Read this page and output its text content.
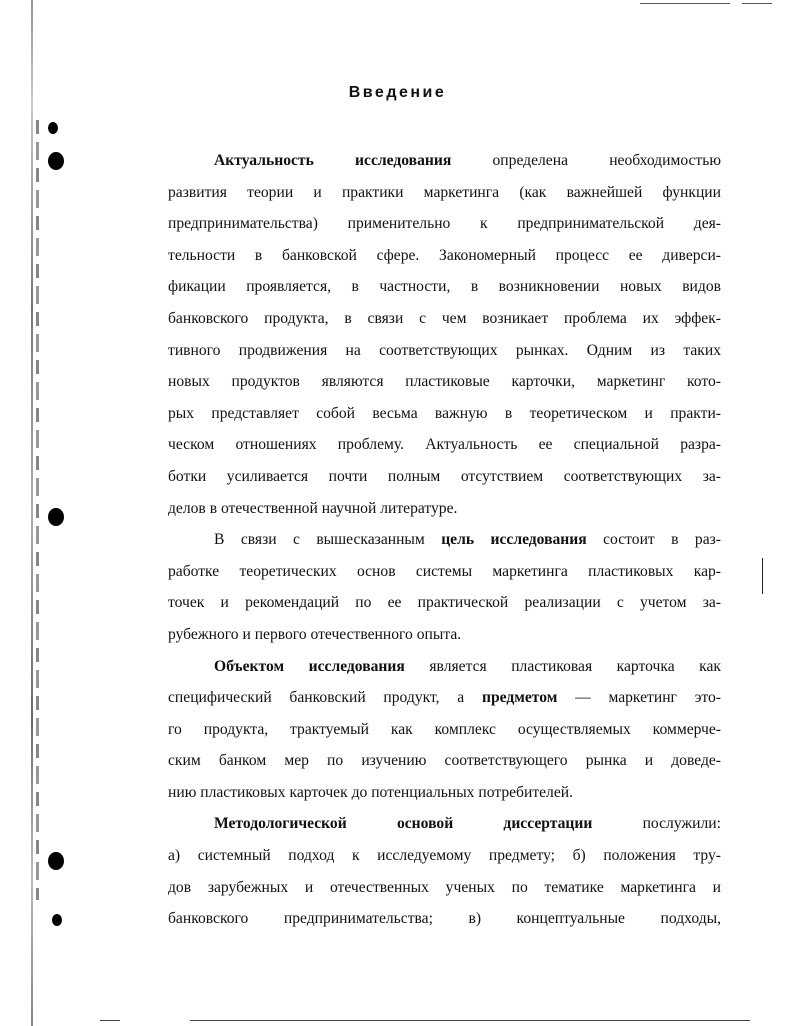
Введение
Актуальность исследования определена необходимостью
развития теории и практики маркетинга (как важнейшей функции
предпринимательства) применительно к предпринимательской дея-
тельности в банковской сфере. Закономерный процесс ее диверси-
фикации проявляется, в частности, в возникновении новых видов
банковского продукта, в связи с чем возникает проблема их эффек-
тивного продвижения на соответствующих рынках. Одним из таких
новых продуктов являются пластиковые карточки, маркетинг кото-
рых представляет собой весьма важную в теоретическом и практи-
ческом отношениях проблему. Актуальность ее специальной разра-
ботки усиливается почти полным отсутствием соответствующих за-
делов в отечественной научной литературе.
В связи с вышесказанным цель исследования состоит в раз-
работке теоретических основ системы маркетинга пластиковых кар-
точек и рекомендаций по ее практической реализации с учетом за-
рубежного и первого отечественного опыта.
Объектом исследования является пластиковая карточка как
специфический банковский продукт, а предметом — маркетинг это-
го продукта, трактуемый как комплекс осуществляемых коммерче-
ским банком мер по изучению соответствующего рынка и доведе-
нию пластиковых карточек до потенциальных потребителей.
Методологической основой диссертации послужили:
а) системный подход к исследуемому предмету; б) положения тру-
дов зарубежных и отечественных ученых по тематике маркетинга и
банковского предпринимательства; в) концептуальные подходы,
